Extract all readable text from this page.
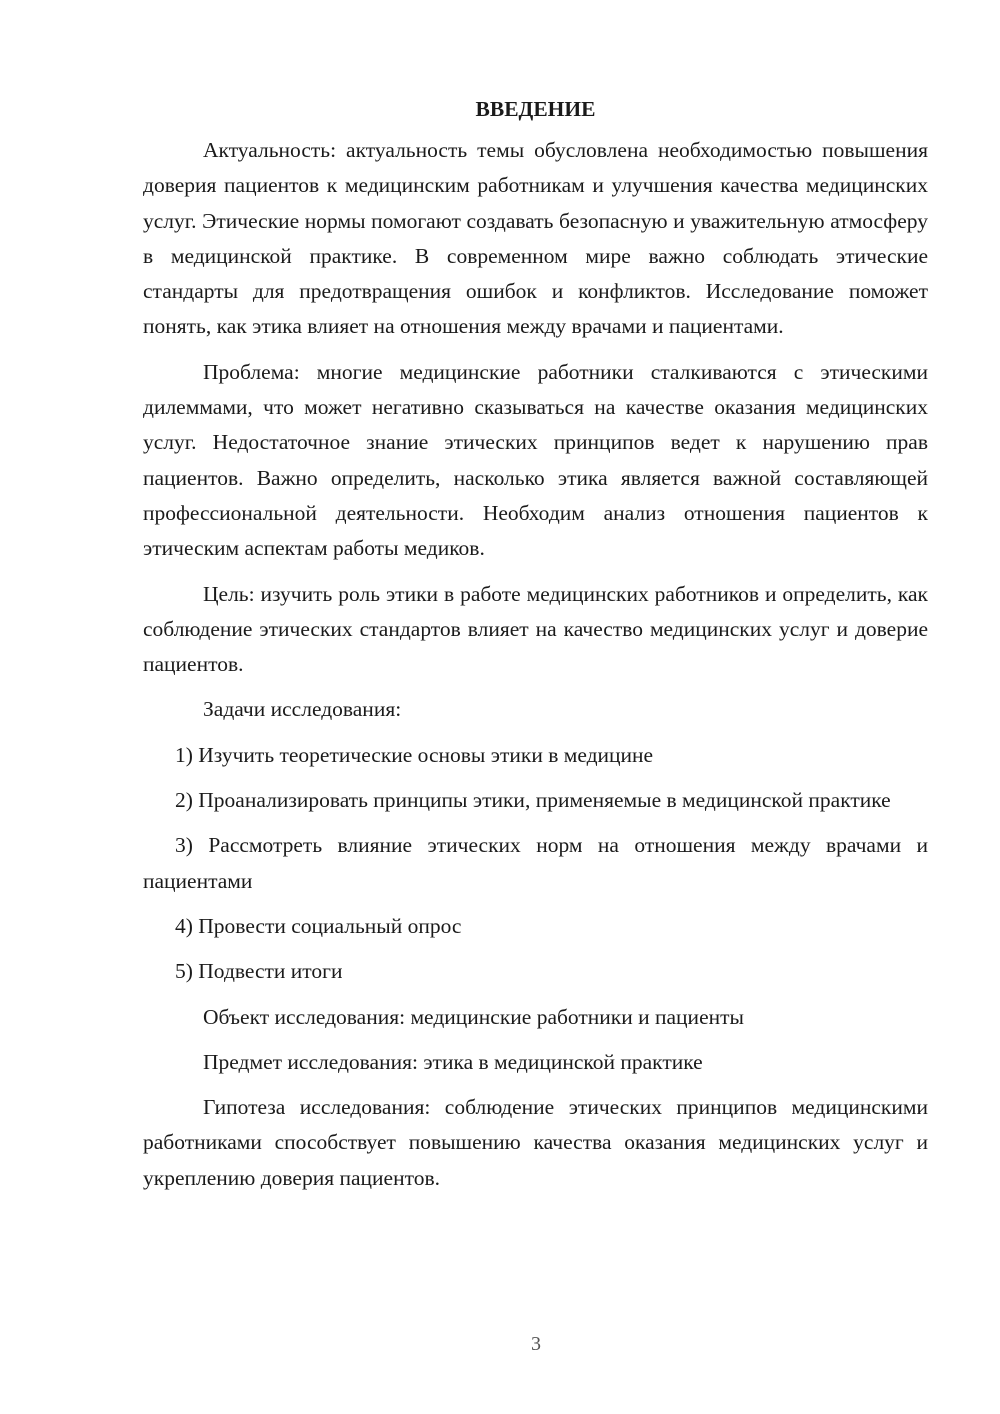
ВВЕДЕНИЕ

Актуальность: актуальность темы обусловлена необходимостью повышения доверия пациентов к медицинским работникам и улучшения качества медицинских услуг. Этические нормы помогают создавать безопасную и уважительную атмосферу в медицинской практике. В современном мире важно соблюдать этические стандарты для предотвращения ошибок и конфликтов. Исследование поможет понять, как этика влияет на отношения между врачами и пациентами.

Проблема: многие медицинские работники сталкиваются с этическими дилеммами, что может негативно сказываться на качестве оказания медицинских услуг. Недостаточное знание этических принципов ведет к нарушению прав пациентов. Важно определить, насколько этика является важной составляющей профессиональной деятельности. Необходим анализ отношения пациентов к этическим аспектам работы медиков.

Цель: изучить роль этики в работе медицинских работников и определить, как соблюдение этических стандартов влияет на качество медицинских услуг и доверие пациентов.

Задачи исследования:

1) Изучить теоретические основы этики в медицине

2) Проанализировать принципы этики, применяемые в медицинской практике

3) Рассмотреть влияние этических норм на отношения между врачами и пациентами

4) Провести социальный опрос

5) Подвести итоги

Объект исследования: медицинские работники и пациенты

Предмет исследования: этика в медицинской практике

Гипотеза исследования: соблюдение этических принципов медицинскими работниками способствует повышению качества оказания медицинских услуг и укреплению доверия пациентов.

3
